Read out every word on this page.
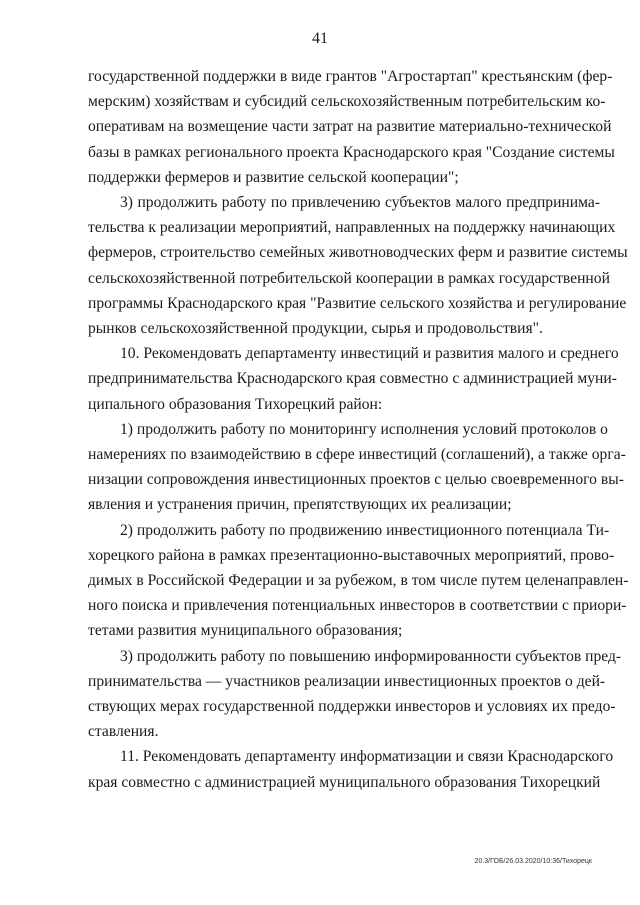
41

государственной поддержки в виде грантов "Агростартап" крестьянским (фер-
мерским) хозяйствам и субсидий сельскохозяйственным потребительским ко-
оперативам на возмещение части затрат на развитие материально-технической
базы в рамках регионального проекта Краснодарского края "Создание системы
поддержки фермеров и развитие сельской кооперации";

3) продолжить работу по привлечению субъектов малого предпринима-
тельства к реализации мероприятий, направленных на поддержку начинающих
фермеров, строительство семейных животноводческих ферм и развитие системы
сельскохозяйственной потребительской кооперации в рамках государственной
программы Краснодарского края "Развитие сельского хозяйства и регулирование
рынков сельскохозяйственной продукции, сырья и продовольствия".

10. Рекомендовать департаменту инвестиций и развития малого и среднего
предпринимательства Краснодарского края совместно с администрацией муни-
ципального образования Тихорецкий район:

1) продолжить работу по мониторингу исполнения условий протоколов о
намерениях по взаимодействию в сфере инвестиций (соглашений), а также орга-
низации сопровождения инвестиционных проектов с целью своевременного вы-
явления и устранения причин, препятствующих их реализации;

2) продолжить работу по продвижению инвестиционного потенциала Ти-
хорецкого района в рамках презентационно-выставочных мероприятий, прово-
димых в Российской Федерации и за рубежом, в том числе путем целенаправлен-
ного поиска и привлечения потенциальных инвесторов в соответствии с приори-
тетами развития муниципального образования;

3) продолжить работу по повышению информированности субъектов пред-
принимательства — участников реализации инвестиционных проектов о дей-
ствующих мерах государственной поддержки инвесторов и условиях их предо-
ставления.

11. Рекомендовать департаменту информатизации и связи Краснодарского
края совместно с администрацией муниципального образования Тихорецкий

20.3/ГОБ/26.03.2020/10:36/Тихорецк
